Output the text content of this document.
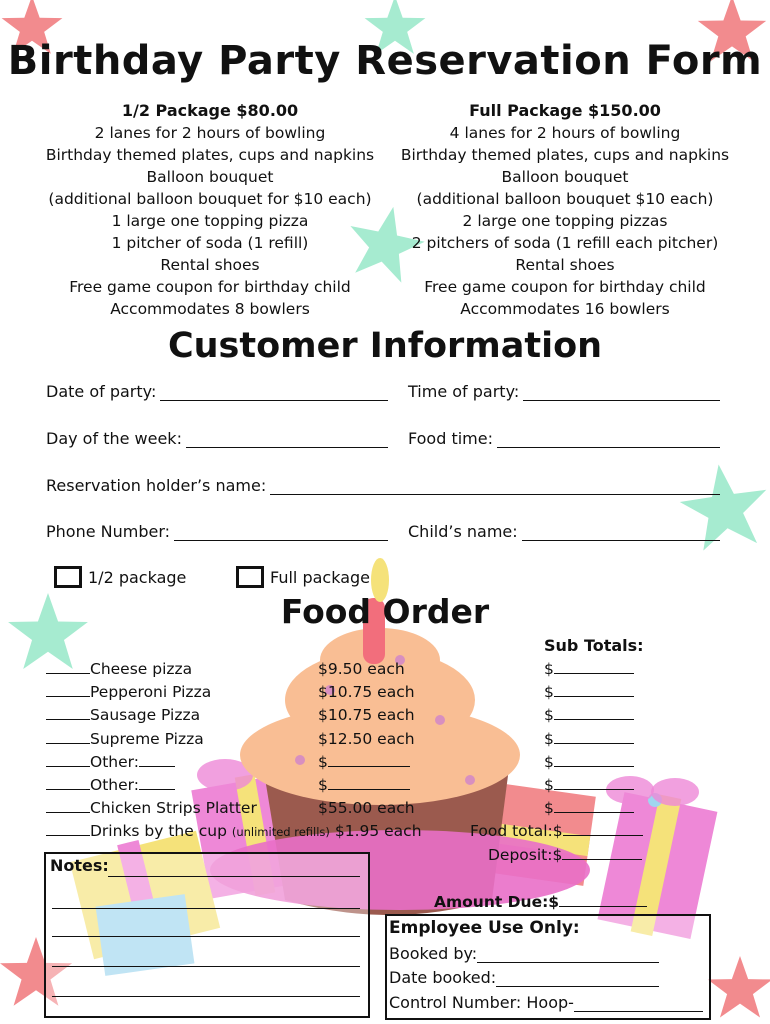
Birthday Party Reservation Form
1/2 Package $80.00
2 lanes for 2 hours of bowling
Birthday themed plates, cups and napkins
Balloon bouquet
(additional balloon bouquet for $10 each)
1 large one topping pizza
1 pitcher of soda (1 refill)
Rental shoes
Free game coupon for birthday child
Accommodates 8 bowlers
Full Package $150.00
4 lanes for 2 hours of bowling
Birthday themed plates, cups and napkins
Balloon bouquet
(additional balloon bouquet $10 each)
2 large one topping pizzas
2 pitchers of soda (1 refill each pitcher)
Rental shoes
Free game coupon for birthday child
Accommodates 16 bowlers
Customer Information
Date of party:	Time of party:
Day of the week:	Food time:
Reservation holder’s name:
Phone Number:	Child’s name:
1/2 package	Full package
Food Order
Sub Totals:
Cheese pizza	$9.50 each	$
Pepperoni Pizza	$10.75 each	$
Sausage Pizza	$10.75 each	$
Supreme Pizza	$12.50 each	$
Other:	$	$
Other:	$	$
Chicken Strips Platter	$55.00 each	$
Drinks by the cup (unlimited refills) $1.95 each	Food total:$
Deposit:$
Notes:
Amount Due:$
Employee Use Only:
Booked by:
Date booked:
Control Number: Hoop-
